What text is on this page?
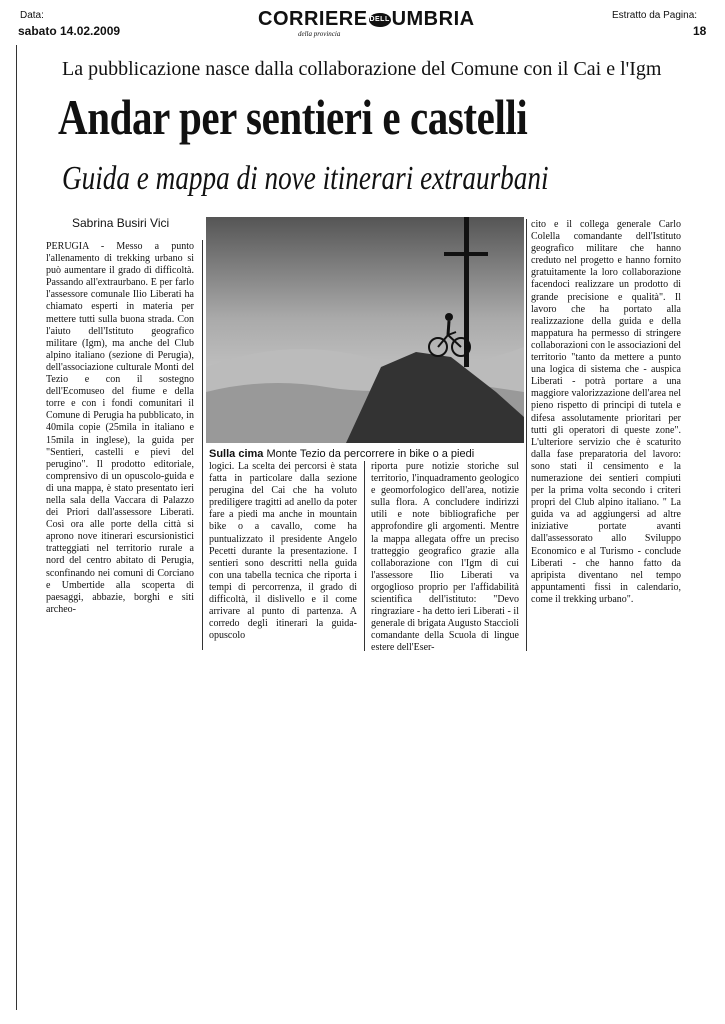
Data:
sabato 14.02.2009
Estratto da Pagina:
18
CORRIERE DELLUMBRIA
della provincia
La pubblicazione nasce dalla collaborazione del Comune con il Cai e l'Igm
Andar per sentieri e castelli
Guida e mappa di nove itinerari extraurbani
Sabrina Busiri Vici
Sulla cima Monte Tezio da percorrere in bike o a piedi

PERUGIA - Messo a punto l'allenamento di trekking urbano si può aumentare il grado di difficoltà. Passando all'extraurbano. E per farlo l'assessore comunale Ilio Liberati ha chiamato esperti in materia per mettere tutti sulla buona strada. Con l'aiuto dell'Istituto geografico militare (Igm), ma anche del Club alpino italiano (sezione di Perugia), dell'associazione culturale Monti del Tezio e con il sostegno dell'Ecomuseo del fiume e della torre e con i fondi comunitari il Comune di Perugia ha pubblicato, in 40mila copie (25mila in italiano e 15mila in inglese), la guida per "Sentieri, castelli e pievi del perugino". Il prodotto editoriale, comprensivo di un opuscolo-guida e di una mappa, è stato presentato ieri nella sala della Vaccara di Palazzo dei Priori dall'assessore Liberati. Così ora alle porte della città si aprono nove itinerari escursionistici tratteggiati nel territorio rurale a nord del centro abitato di Perugia, sconfinando nei comuni di Corciano e Umbertide alla scoperta di paesaggi, abbazie, borghi e siti archeo-

logici. La scelta dei percorsi è stata fatta in particolare dalla sezione perugina del Cai che ha voluto prediligere tragitti ad anello da poter fare a piedi ma anche in mountain bike o a cavallo, come ha puntualizzato il presidente Angelo Pecetti durante la presentazione. I sentieri sono descritti nella guida con una tabella tecnica che riporta i tempi di percorrenza, il grado di difficoltà, il dislivello e il come arrivare al punto di partenza. A corredo degli itinerari la guida-opuscolo

riporta pure notizie storiche sul territorio, l'inquadramento geologico e geomorfologico dell'area, notizie sulla flora. A concludere indirizzi utili e note bibliografiche per approfondire gli argomenti. Mentre la mappa allegata offre un preciso tratteggio geografico grazie alla collaborazione con l'Igm di cui l'assessore Ilio Liberati va orgoglioso proprio per l'affidabilità scientifica dell'istituto: "Devo ringraziare - ha detto ieri Liberati - il generale di brigata Augusto Staccioli comandante della Scuola di lingue estere dell'Eser-

cito e il collega generale Carlo Colella comandante dell'Istituto geografico militare che hanno creduto nel progetto e hanno fornito gratuitamente la loro collaborazione facendoci realizzare un prodotto di grande precisione e qualità". Il lavoro che ha portato alla realizzazione della guida e della mappatura ha permesso di stringere collaborazioni con le associazioni del territorio "tanto da mettere a punto una logica di sistema che - auspica Liberati - potrà portare a una maggiore valorizzazione dell'area nel pieno rispetto di principi di tutela e difesa assolutamente prioritari per tutti gli operatori di queste zone". L'ulteriore servizio che è scaturito dalla fase preparatoria del lavoro: sono stati il censimento e la numerazione dei sentieri compiuti per la prima volta secondo i criteri propri del Club alpino italiano. " La guida va ad aggiungersi ad altre iniziative portate avanti dall'assessorato allo Sviluppo Economico e al Turismo - conclude Liberati - che hanno fatto da apripista diventano nel tempo appuntamenti fissi in calendario, come il trekking urbano".
